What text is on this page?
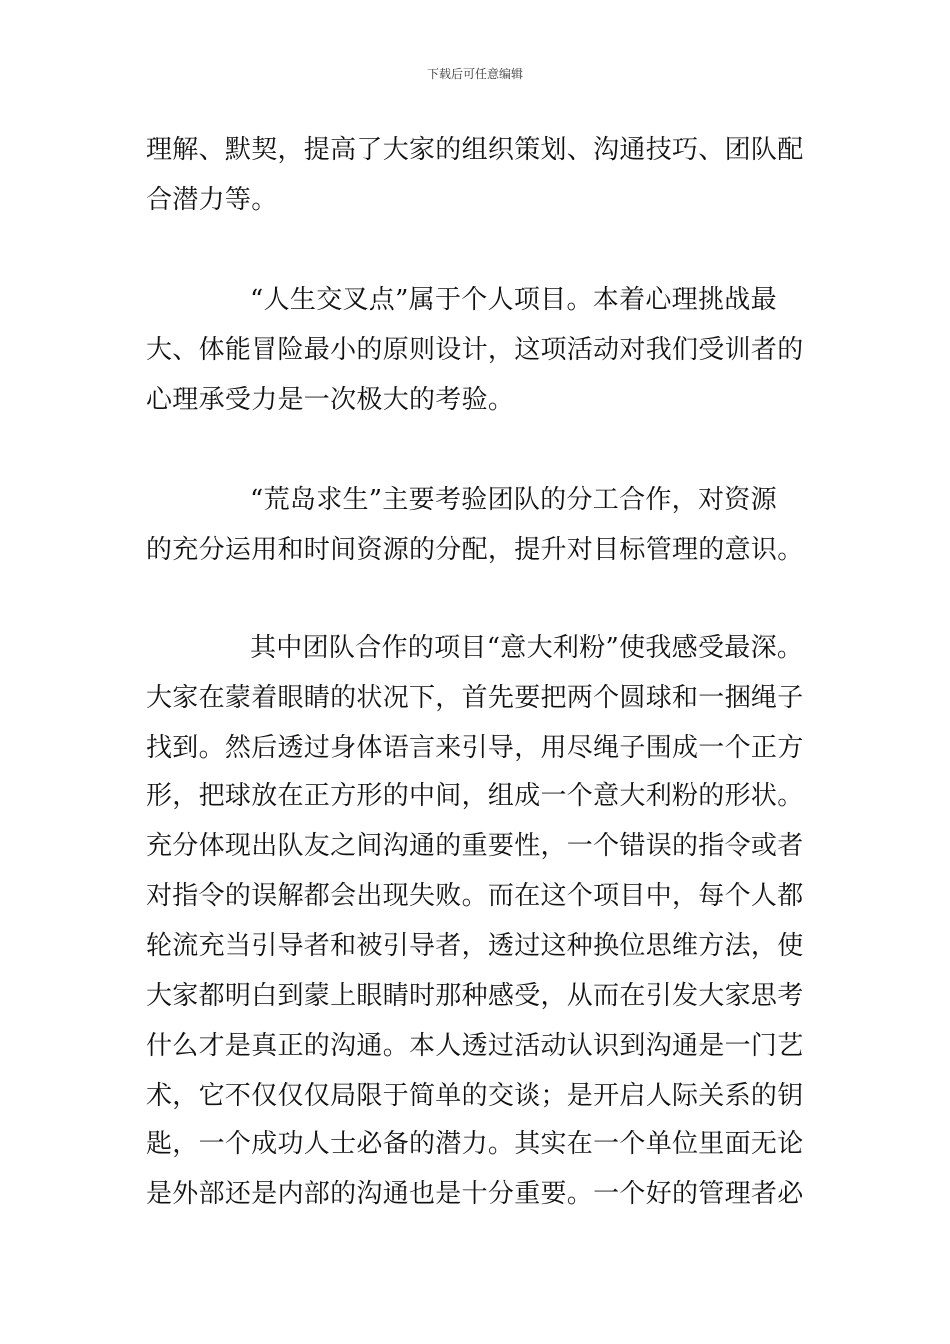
下载后可任意编辑
理解、默契，提高了大家的组织策划、沟通技巧、团队配
合潜力等。
“人生交叉点”属于个人项目。本着心理挑战最
大、体能冒险最小的原则设计，这项活动对我们受训者的
心理承受力是一次极大的考验。
“荒岛求生”主要考验团队的分工合作，对资源
的充分运用和时间资源的分配，提升对目标管理的意识。
其中团队合作的项目“意大利粉”使我感受最深。
大家在蒙着眼睛的状况下，首先要把两个圆球和一捆绳子
找到。然后透过身体语言来引导，用尽绳子围成一个正方
形，把球放在正方形的中间，组成一个意大利粉的形状。
充分体现出队友之间沟通的重要性，一个错误的指令或者
对指令的误解都会出现失败。而在这个项目中，每个人都
轮流充当引导者和被引导者，透过这种换位思维方法，使
大家都明白到蒙上眼睛时那种感受，从而在引发大家思考
什么才是真正的沟通。本人透过活动认识到沟通是一门艺
术，它不仅仅仅局限于简单的交谈；是开启人际关系的钥
匙，一个成功人士必备的潜力。其实在一个单位里面无论
是外部还是内部的沟通也是十分重要。一个好的管理者必
